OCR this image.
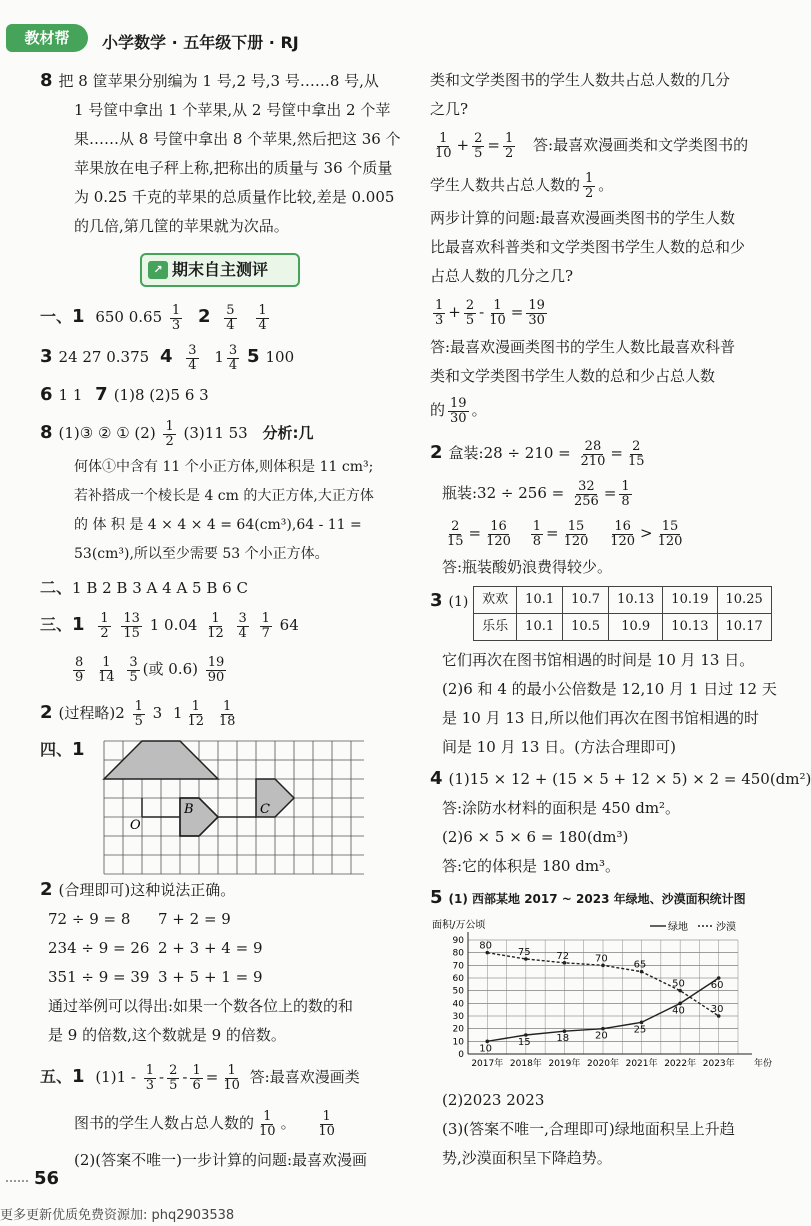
教材帮	小学数学 · 五年级下册 · RJ
8 把 8 筐苹果分别编为 1 号,2 号,3 号……8 号,从
1 号筐中拿出 1 个苹果,从 2 号筐中拿出 2 个苹
果……从 8 号筐中拿出 8 个苹果,然后把这 36 个
苹果放在电子秤上称,把称出的质量与 36 个质量
为 0.25 千克的苹果的总质量作比较,差是 0.005
的几倍,第几筐的苹果就为次品。
↗ 期末自主测评
一、1 650 $0.65 \frac{1}{3} 2 \frac{5}{4}$
$\frac{1}{4}$
3 24 27 0.375 $4 \frac{3}{4} 1 \frac{3}{4} 5$ 100
6 1 1 7 (1)8 (2)5 6 3
8 (1)③ ② ① $(2) \frac{1}{2} (3)11$ 53 分析:几
何体①中含有 11 个小正方体,则体积是 11 cm³;
若补搭成一个棱长是 4 cm 的大正方体,大正方体
的 体 积 是 4 × 4 × 4 = 64(cm³),64 - 11 =
53(cm³),所以至少需要 53 个小正方体。
二、1 B 2 B 3 A 4 A 5 B 6 C
三、$1 \frac{1}{2}$
$\frac{13}{15} 1$ $0.04 \frac{1}{12}$
$\frac{3}{4}$
$\frac{1}{7} 64$
$\frac{8}{9}$
$\frac{1}{14}$
$\frac{3}{5}$ (或 $0.6) \frac{19}{90}$
2 (过程略)$2 \frac{1}{5} 3$ $1 \frac{1}{12}$
$\frac{1}{18}$
四、1
O
B	C
2 (合理即可)这种说法正确。
72 ÷ 9 = 8 7 + 2 = 9
234 ÷ 9 = 26 2 + 3 + 4 = 9
351 ÷ 9 = 39 3 + 5 + 1 = 9
通过举例可以得出:如果一个数各位上的数的和
是 9 的倍数,这个数就是 9 的倍数。
五、1 $(1)1 - \frac{1}{3} - \frac{2}{5} - \frac{1}{6} = \frac{1}{10}$ 答:最喜欢漫画类
图书的学生人数占总人数的 $\frac{1}{10}$ 。 $\frac{1}{10}$
(2)(答案不唯一)一步计算的问题:最喜欢漫画
类和文学类图书的学生人数共占总人数的几分
之几?
$\frac{1}{10} + \frac{2}{5} = \frac{1}{2}$ 答:最喜欢漫画类和文学类图书的
学生人数共占总人数的 $\frac{1}{2}$ 。
两步计算的问题:最喜欢漫画类图书的学生人数
比最喜欢科普类和文学类图书学生人数的总和少
占总人数的几分之几?
$\frac{1}{3} + \frac{2}{5} - \frac{1}{10} = \frac{19}{30}$
答:最喜欢漫画类图书的学生人数比最喜欢科普
类和文学类图书学生人数的总和少占总人数
的 $\frac{19}{30}$ 。
2 盒装:28 ÷ $210 = \frac{28}{210} = \frac{2}{15}$
瓶装:32 ÷ $256 = \frac{32}{256} = \frac{1}{8}$
$\frac{2}{15} = \frac{16}{120}$
$\frac{1}{8} = \frac{15}{120}$
$\frac{16}{120} > \frac{15}{120}$
答:瓶装酸奶浪费得较少。
3 (1) 欢欢	10.1	10.7	10.13	10.19	10.25
乐乐	10.1	10.5	10.9	10.13	10.17
它们再次在图书馆相遇的时间是 10 月 13 日。
(2)6 和 4 的最小公倍数是 12,10 月 1 日过 12 天
是 10 月 13 日,所以他们再次在图书馆相遇的时
间是 10 月 13 日。(方法合理即可)
4 (1)15 × 12 + (15 × 5 + 12 × 5) × 2 = 450(dm²)
答:涂防水材料的面积是 450 dm²。
(2)6 × 5 × 6 = 180(dm³)
答:它的体积是 180 dm³。
5 (1) 西部某地 2017 ~ 2023 年绿地、沙漠面积统计图
面积/万公顷
0
10
20
30
40
50
60
70
80
90
2017年 2018年 2019年 2020年 2021年 2022年 2023年 年份
10
15	18	20
25
40
60
80
75	72	70
65
50
30
绿地	沙漠
(2)2023 2023
(3)(答案不唯一,合理即可)绿地面积呈上升趋
势,沙漠面积呈下降趋势。
56
更多更新优质免费资源加: phq2903538
